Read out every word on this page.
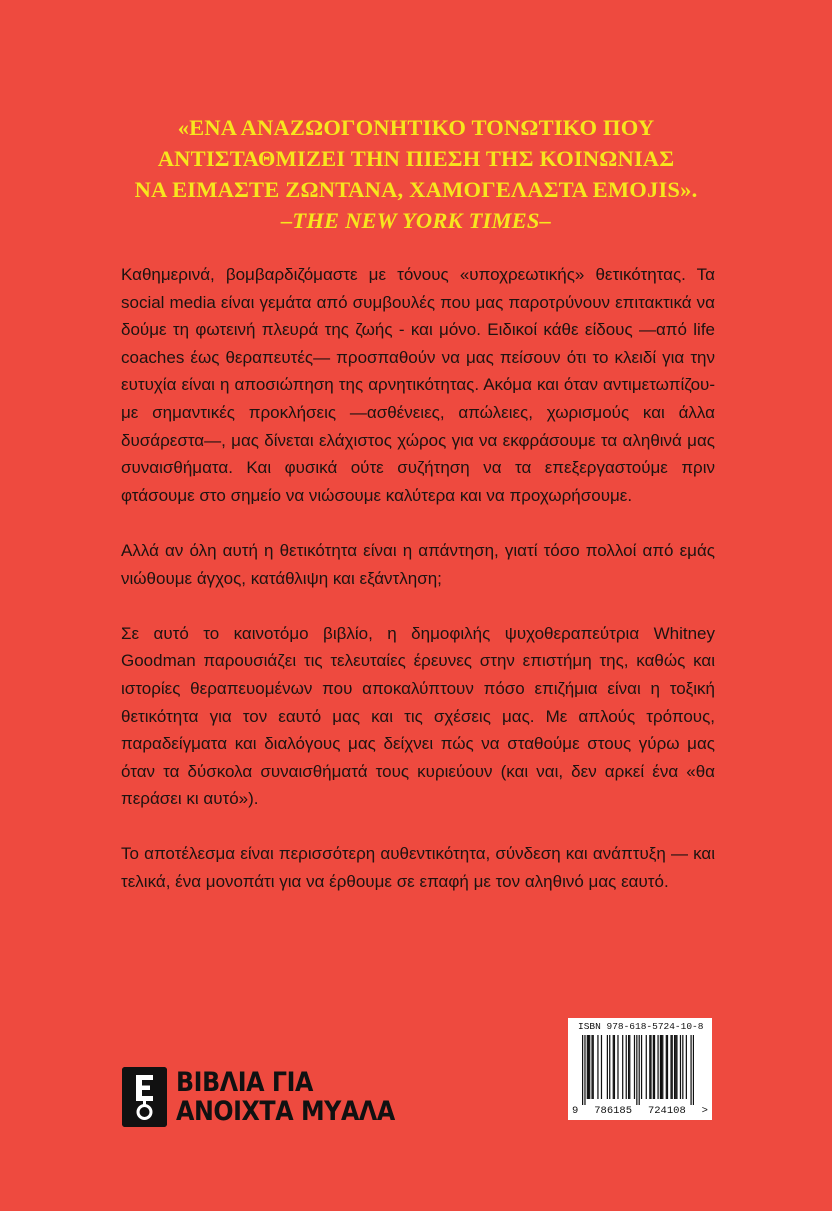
«ΕΝΑ ΑΝΑΖΩΟΓΟΝΗΤΙΚΟ ΤΟΝΩΤΙΚΟ ΠΟΥ
ΑΝΤΙΣΤΑΘΜΙΖΕΙ ΤΗΝ ΠΙΕΣΗ ΤΗΣ ΚΟΙΝΩΝΙΑΣ
ΝΑ ΕΙΜΑΣΤΕ ΖΩΝΤΑΝΑ, ΧΑΜΟΓΕΛΑΣΤΑ EMOJIS».
–THE NEW YORK TIMES–

Καθημερινά, βομβαρδιζόμαστε με τόνους «υποχρεωτικής» θετικότητας. Τα social media είναι γεμάτα από συμβουλές που μας παροτρύνουν επιτακτικά να δούμε τη φωτεινή πλευρά της ζωής - και μόνο. Ειδικοί κάθε είδους —από life coaches έως θεραπευτές— προσπαθούν να μας πείσουν ότι το κλειδί για την ευτυχία είναι η αποσιώπηση της αρνητικότητας. Ακόμα και όταν αντιμετωπίζουμε σημαντικές προκλήσεις —ασθένειες, απώλειες, χωρισμούς και άλλα δυσάρεστα—, μας δίνεται ελάχιστος χώρος για να εκφράσουμε τα αληθινά μας συναισθήματα. Και φυσικά ούτε συζήτηση να τα επεξεργαστούμε πριν φτάσουμε στο σημείο να νιώσουμε καλύτερα και να προχωρήσουμε.

Αλλά αν όλη αυτή η θετικότητα είναι η απάντηση, γιατί τόσο πολλοί από εμάς νιώθουμε άγχος, κατάθλιψη και εξάντληση;

Σε αυτό το καινοτόμο βιβλίο, η δημοφιλής ψυχοθεραπεύτρια Whitney Goodman παρουσιάζει τις τελευταίες έρευνες στην επιστήμη της, καθώς και ιστορίες θεραπευομένων που αποκαλύπτουν πόσο επιζήμια είναι η τοξική θετικότητα για τον εαυτό μας και τις σχέσεις μας. Με απλούς τρόπους, παραδείγματα και διαλόγους μας δείχνει πώς να σταθούμε στους γύρω μας όταν τα δύσκολα συναισθήματά τους κυριεύουν (και ναι, δεν αρκεί ένα «θα περάσει κι αυτό»).

Το αποτέλεσμα είναι περισσότερη αυθεντικότητα, σύνδεση και ανάπτυξη — και τελικά, ένα μονοπάτι για να έρθουμε σε επαφή με τον αληθινό μας εαυτό.

ΒΙΒΛΙΑ ΓΙΑ
ΑΝΟΙΧΤΑ ΜΥΑΛΑ
ISBN 978-618-5724-10-8
9 786185 724108 >
